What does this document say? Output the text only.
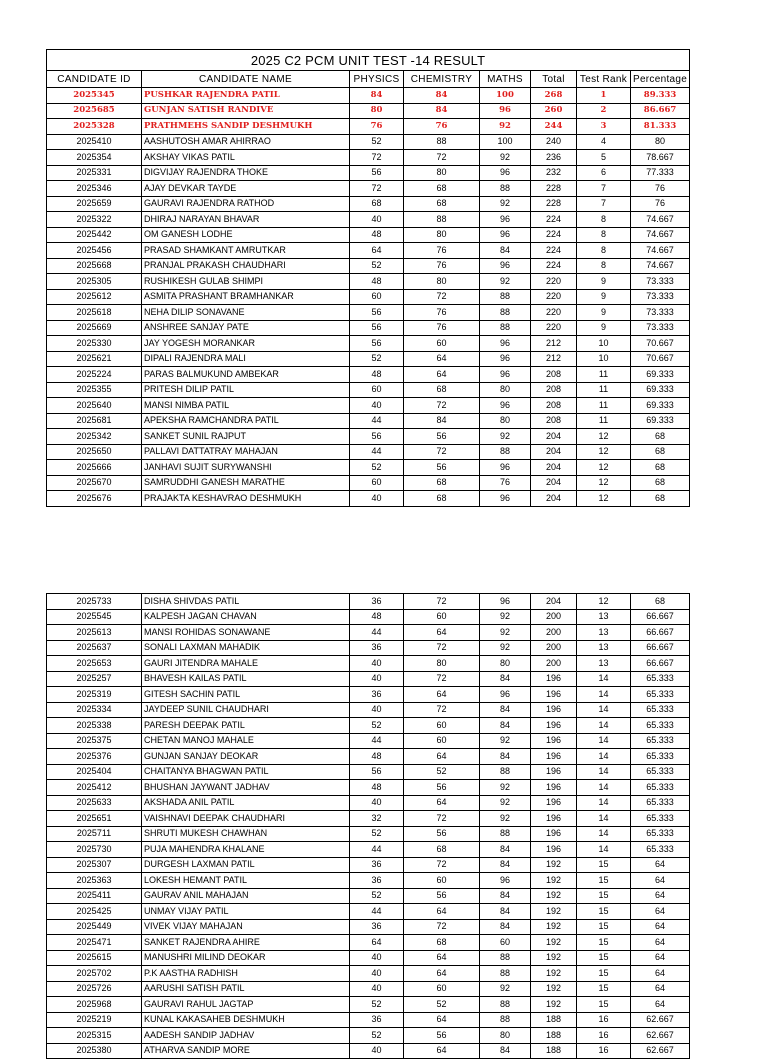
2025 C2 PCM UNIT TEST -14 RESULT							
CANDIDATE ID	CANDIDATE NAME	PHYSICS	CHEMISTRY	MATHS	Total	Test Rank	Percentage
2025345	PUSHKAR RAJENDRA PATIL	84	84	100	268	1	89.333
2025685	GUNJAN SATISH RANDIVE	80	84	96	260	2	86.667
2025328	PRATHMEHS SANDIP DESHMUKH	76	76	92	244	3	81.333
2025410	AASHUTOSH AMAR AHIRRAO	52	88	100	240	4	80
2025354	AKSHAY VIKAS PATIL	72	72	92	236	5	78.667
2025331	DIGVIJAY RAJENDRA THOKE	56	80	96	232	6	77.333
2025346	AJAY DEVKAR TAYDE	72	68	88	228	7	76
2025659	GAURAVI RAJENDRA RATHOD	68	68	92	228	7	76
2025322	DHIRAJ NARAYAN BHAVAR	40	88	96	224	8	74.667
2025442	OM GANESH LODHE	48	80	96	224	8	74.667
2025456	PRASAD SHAMKANT AMRUTKAR	64	76	84	224	8	74.667
2025668	PRANJAL PRAKASH CHAUDHARI	52	76	96	224	8	74.667
2025305	RUSHIKESH GULAB SHIMPI	48	80	92	220	9	73.333
2025612	ASMITA PRASHANT BRAMHANKAR	60	72	88	220	9	73.333
2025618	NEHA DILIP SONAVANE	56	76	88	220	9	73.333
2025669	ANSHREE SANJAY PATE	56	76	88	220	9	73.333
2025330	JAY YOGESH MORANKAR	56	60	96	212	10	70.667
2025621	DIPALI RAJENDRA MALI	52	64	96	212	10	70.667
2025224	PARAS BALMUKUND AMBEKAR	48	64	96	208	11	69.333
2025355	PRITESH DILIP PATIL	60	68	80	208	11	69.333
2025640	MANSI NIMBA PATIL	40	72	96	208	11	69.333
2025681	APEKSHA RAMCHANDRA PATIL	44	84	80	208	11	69.333
2025342	SANKET SUNIL RAJPUT	56	56	92	204	12	68
2025650	PALLAVI DATTATRAY MAHAJAN	44	72	88	204	12	68
2025666	JANHAVI SUJIT SURYWANSHI	52	56	96	204	12	68
2025670	SAMRUDDHI GANESH MARATHE	60	68	76	204	12	68
2025676	PRAJAKTA KESHAVRAO DESHMUKH	40	68	96	204	12	68
2025733	DISHA SHIVDAS PATIL	36	72	96	204	12	68
2025545	KALPESH JAGAN CHAVAN	48	60	92	200	13	66.667
2025613	MANSI ROHIDAS SONAWANE	44	64	92	200	13	66.667
2025637	SONALI LAXMAN MAHADIK	36	72	92	200	13	66.667
2025653	GAURI JITENDRA MAHALE	40	80	80	200	13	66.667
2025257	BHAVESH KAILAS PATIL	40	72	84	196	14	65.333
2025319	GITESH SACHIN PATIL	36	64	96	196	14	65.333
2025334	JAYDEEP SUNIL CHAUDHARI	40	72	84	196	14	65.333
2025338	PARESH DEEPAK PATIL	52	60	84	196	14	65.333
2025375	CHETAN MANOJ MAHALE	44	60	92	196	14	65.333
2025376	GUNJAN SANJAY DEOKAR	48	64	84	196	14	65.333
2025404	CHAITANYA BHAGWAN PATIL	56	52	88	196	14	65.333
2025412	BHUSHAN JAYWANT JADHAV	48	56	92	196	14	65.333
2025633	AKSHADA ANIL PATIL	40	64	92	196	14	65.333
2025651	VAISHNAVI DEEPAK CHAUDHARI	32	72	92	196	14	65.333
2025711	SHRUTI MUKESH CHAWHAN	52	56	88	196	14	65.333
2025730	PUJA MAHENDRA KHALANE	44	68	84	196	14	65.333
2025307	DURGESH LAXMAN PATIL	36	72	84	192	15	64
2025363	LOKESH HEMANT PATIL	36	60	96	192	15	64
2025411	GAURAV ANIL MAHAJAN	52	56	84	192	15	64
2025425	UNMAY VIJAY PATIL	44	64	84	192	15	64
2025449	VIVEK VIJAY MAHAJAN	36	72	84	192	15	64
2025471	SANKET RAJENDRA AHIRE	64	68	60	192	15	64
2025615	MANUSHRI MILIND DEOKAR	40	64	88	192	15	64
2025702	P.K AASTHA RADHISH	40	64	88	192	15	64
2025726	AARUSHI SATISH PATIL	40	60	92	192	15	64
2025968	GAURAVI RAHUL JAGTAP	52	52	88	192	15	64
2025219	KUNAL KAKASAHEB DESHMUKH	36	64	88	188	16	62.667
2025315	AADESH SANDIP JADHAV	52	56	80	188	16	62.667
2025380	ATHARVA SANDIP MORE	40	64	84	188	16	62.667
